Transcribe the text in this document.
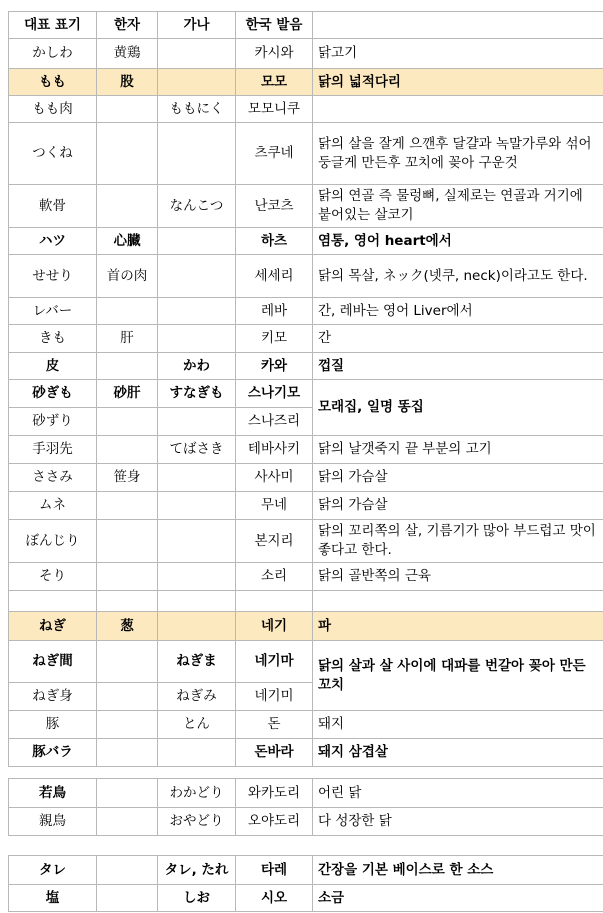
대표 표기	한자	가나	한국 발음	
かしわ	黄鶏		카시와	닭고기
もも	股		모모	닭의 넓적다리
もも肉		ももにく	모모니쿠	
つくね			츠쿠네	닭의 살을 잘게 으깬후 달걀과 녹말가루와 섞어 둥글게 만든후 꼬치에 꽂아 구운것
軟骨		なんこつ	난코츠	닭의 연골 즉 물렁뼈, 실제로는 연골과 거기에 붙어있는 살코기
ハツ	心臓		하츠	염통, 영어 heart에서
せせり	首の肉		세세리	닭의 목살, ネック(넷쿠, neck)이라고도 한다.
レバー			레바	간, 레바는 영어 Liver에서
きも	肝		키모	간
皮		かわ	카와	껍질
砂ぎも	砂肝	すなぎも	스나기모	모래집, 일명 똥집
砂ずり			스나즈리	
手羽先		てばさき	테바사키	닭의 날갯죽지 끝 부분의 고기
ささみ	笹身		사사미	닭의 가슴살
ムネ			무네	닭의 가슴살
ぼんじり			본지리	닭의 꼬리쪽의 살, 기름기가 많아 부드럽고 맛이 좋다고 한다.
そり			소리	닭의 골반쪽의 근육

ねぎ	葱		네기	파
ねぎ間		ねぎま	네기마	닭의 살과 살 사이에 대파를 번갈아 꽂아 만든 꼬치
ねぎ身		ねぎみ	네기미	
豚		とん	돈	돼지
豚バラ			돈바라	돼지 삼겹살
若鳥		わかどり	와카도리	어린 닭
親鳥		おやどり	오야도리	다 성장한 닭
タレ		タレ, たれ	타레	간장을 기본 베이스로 한 소스
塩		しお	시오	소금
